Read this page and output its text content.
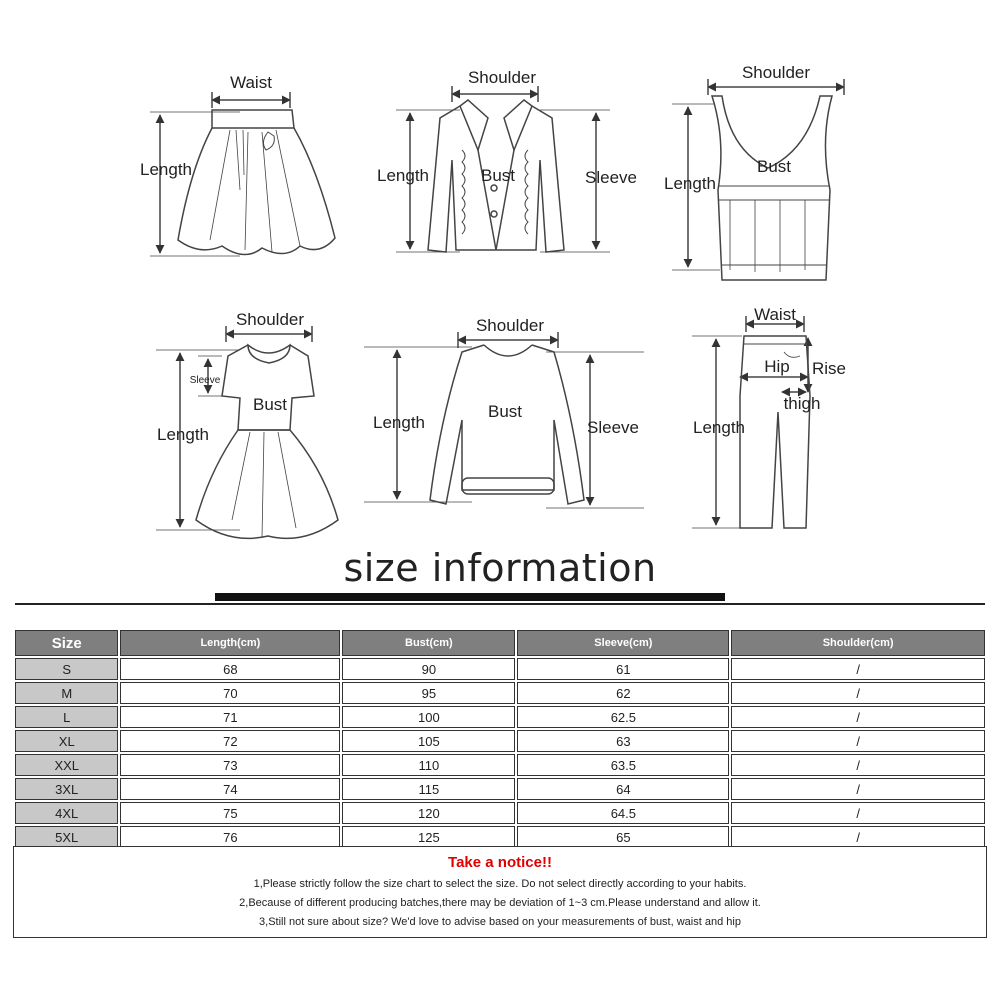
Waist
Length
Shoulder
Length	Bust	Sleeve
Shoulder
Bust
Length
Shoulder
Sleeve
Bust
Length
Shoulder
Bust
Length	Sleeve
Waist
Hip Rise
thigh
Length
size information
Size	Length(cm)	Bust(cm)	Sleeve(cm)	Shoulder(cm)
S	68	90	61	/
M	70	95	62	/
L	71	100	62.5	/
XL	72	105	63	/
XXL	73	110	63.5	/
3XL	74	115	64	/
4XL	75	120	64.5	/
5XL	76	125	65	/
Take a notice!!
1,Please strictly follow the size chart to select the size. Do not select directly according to your habits.
2,Because of different producing batches,there may be deviation of 1~3 cm.Please understand and allow it.
3,Still not sure about size? We'd love to advise based on your measurements of bust, waist and hip
